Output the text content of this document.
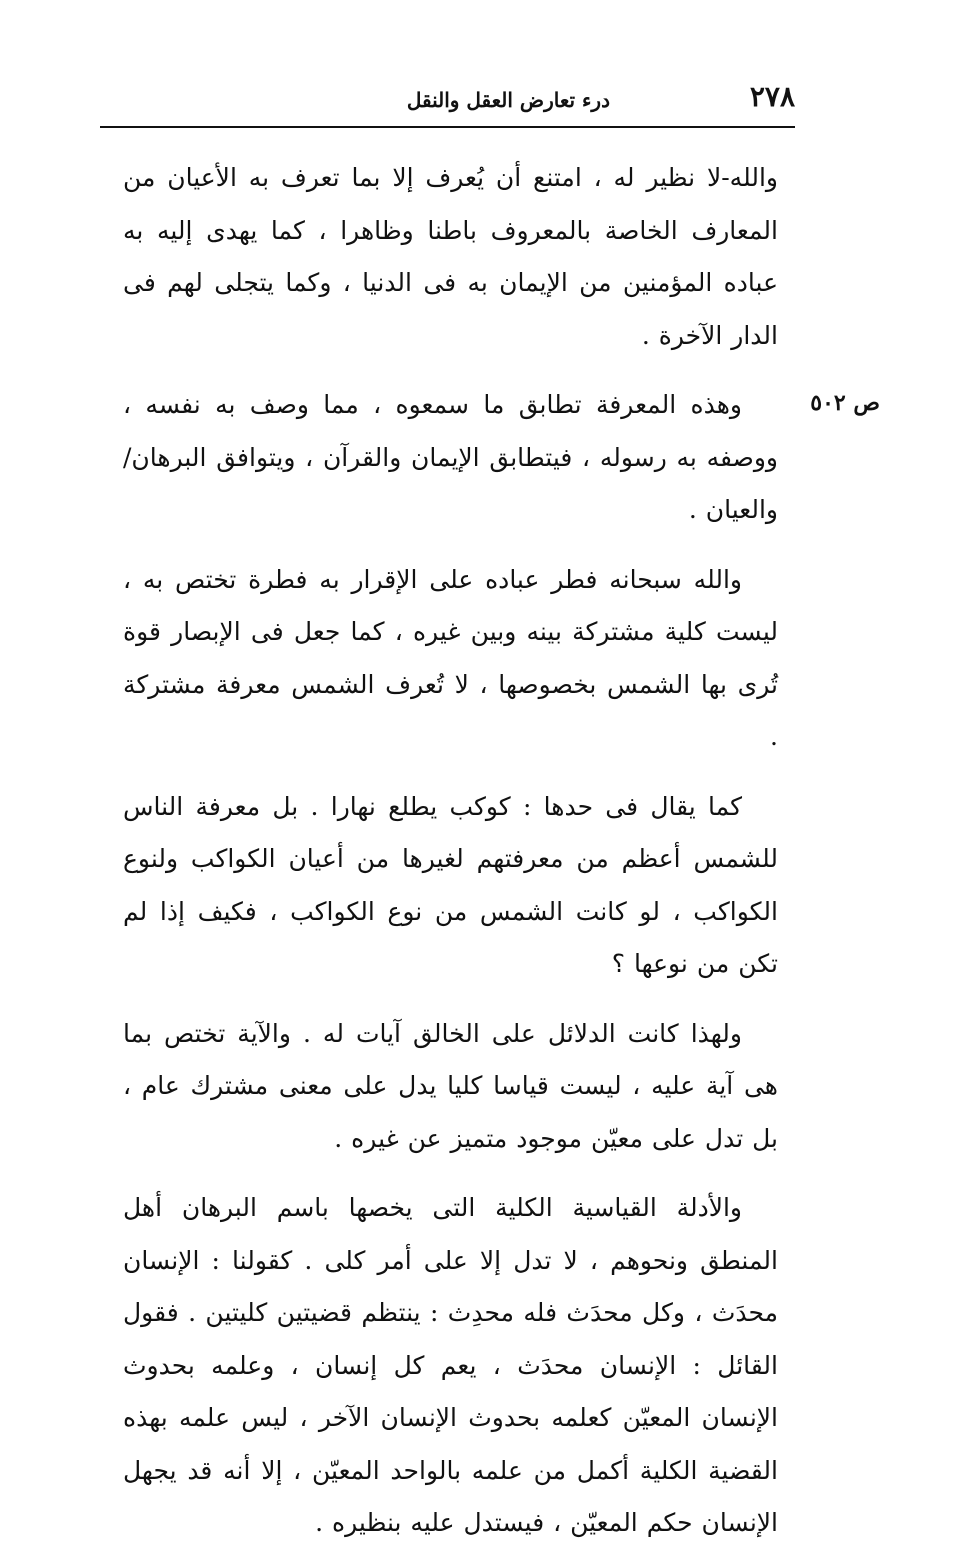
٢٧٨
درء تعارض العقل والنقل
ص ٥٠٢

والله-لا نظير له ، امتنع أن يُعرف إلا بما تعرف به الأعيان من المعارف الخاصة بالمعروف باطنا وظاهرا ، كما يهدى إليه به عباده المؤمنين من الإيمان به فى الدنيا ، وكما يتجلى لهم فى الدار الآخرة .

وهذه المعرفة تطابق ما سمعوه ، مما وصف به نفسه ، ووصفه به رسوله ، فيتطابق الإيمان والقرآن ، ويتوافق البرهان/والعيان .

والله سبحانه فطر عباده على الإقرار به فطرة تختص به ، ليست كلية مشتركة بينه وبين غيره ، كما جعل فى الإبصار قوة تُرى بها الشمس بخصوصها ، لا تُعرف الشمس معرفة مشتركة .

كما يقال فى حدها : كوكب يطلع نهارا . بل معرفة الناس للشمس أعظم من معرفتهم لغيرها من أعيان الكواكب ولنوع الكواكب ، لو كانت الشمس من نوع الكواكب ، فكيف إذا لم تكن من نوعها ؟

ولهذا كانت الدلائل على الخالق آيات له . والآية تختص بما هى آية عليه ، ليست قياسا كليا يدل على معنى مشترك عام ، بل تدل على معيّن موجود متميز عن غيره .

والأدلة القياسية الكلية التى يخصها باسم البرهان أهل المنطق ونحوهم ، لا تدل إلا على أمر كلى . كقولنا : الإنسان محدَث ، وكل محدَث فله محدِث : ينتظم قضيتين كليتين . فقول القائل : الإنسان محدَث ، يعم كل إنسان ، وعلمه بحدوث الإنسان المعيّن كعلمه بحدوث الإنسان الآخر ، ليس علمه بهذه القضية الكلية أكمل من علمه بالواحد المعيّن ، إلا أنه قد يجهل الإنسان حكم المعيّن ، فيستدل عليه بنظيره .
